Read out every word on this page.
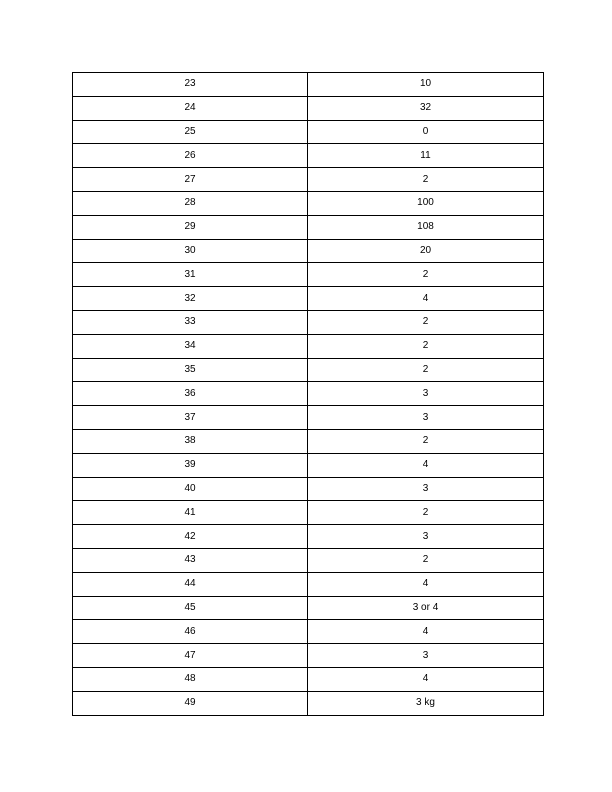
23	10
24	32
25	0
26	11
27	2
28	100
29	108
30	20
31	2
32	4
33	2
34	2
35	2
36	3
37	3
38	2
39	4
40	3
41	2
42	3
43	2
44	4
45	3 or 4
46	4
47	3
48	4
49	3 kg
